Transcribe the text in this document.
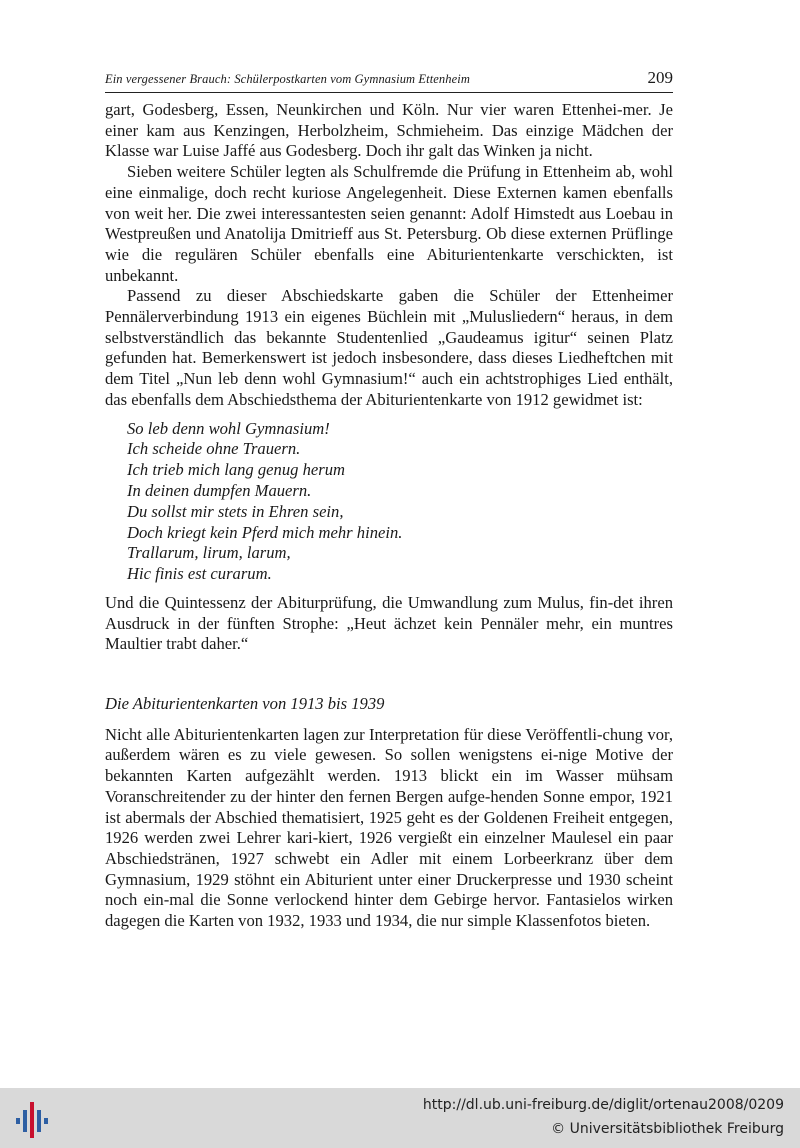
Ein vergessener Brauch: Schülerpostkarten vom Gymnasium Ettenheim	209

gart, Godesberg, Essen, Neunkirchen und Köln. Nur vier waren Ettenhei-mer. Je einer kam aus Kenzingen, Herbolzheim, Schmieheim. Das einzige Mädchen der Klasse war Luise Jaffé aus Godesberg. Doch ihr galt das Winken ja nicht.

Sieben weitere Schüler legten als Schulfremde die Prüfung in Ettenheim ab, wohl eine einmalige, doch recht kuriose Angelegenheit. Diese Externen kamen ebenfalls von weit her. Die zwei interessantesten seien genannt: Adolf Himstedt aus Loebau in Westpreußen und Anatolija Dmitrieff aus St. Petersburg. Ob diese externen Prüflinge wie die regulären Schüler ebenfalls eine Abiturientenkarte verschickten, ist unbekannt.

Passend zu dieser Abschiedskarte gaben die Schüler der Ettenheimer Pennälerverbindung 1913 ein eigenes Büchlein mit „Mulusliedern“ heraus, in dem selbstverständlich das bekannte Studentenlied „Gaudeamus igitur“ seinen Platz gefunden hat. Bemerkenswert ist jedoch insbesondere, dass dieses Liedheftchen mit dem Titel „Nun leb denn wohl Gymnasium!“ auch ein achtstrophiges Lied enthält, das ebenfalls dem Abschiedsthema der Abiturientenkarte von 1912 gewidmet ist:

So leb denn wohl Gymnasium!
Ich scheide ohne Trauern.
Ich trieb mich lang genug herum
In deinen dumpfen Mauern.
Du sollst mir stets in Ehren sein,
Doch kriegt kein Pferd mich mehr hinein.
Trallarum, lirum, larum,
Hic finis est curarum.

Und die Quintessenz der Abiturprüfung, die Umwandlung zum Mulus, fin-det ihren Ausdruck in der fünften Strophe: „Heut ächzet kein Pennäler mehr, ein muntres Maultier trabt daher.“

Die Abiturientenkarten von 1913 bis 1939

Nicht alle Abiturientenkarten lagen zur Interpretation für diese Veröffentli-chung vor, außerdem wären es zu viele gewesen. So sollen wenigstens ei-nige Motive der bekannten Karten aufgezählt werden. 1913 blickt ein im Wasser mühsam Voranschreitender zu der hinter den fernen Bergen aufge-henden Sonne empor, 1921 ist abermals der Abschied thematisiert, 1925 geht es der Goldenen Freiheit entgegen, 1926 werden zwei Lehrer kari-kiert, 1926 vergießt ein einzelner Maulesel ein paar Abschiedstränen, 1927 schwebt ein Adler mit einem Lorbeerkranz über dem Gymnasium, 1929 stöhnt ein Abiturient unter einer Druckerpresse und 1930 scheint noch ein-mal die Sonne verlockend hinter dem Gebirge hervor. Fantasielos wirken dagegen die Karten von 1932, 1933 und 1934, die nur simple Klassenfotos bieten.

http://dl.ub.uni-freiburg.de/diglit/ortenau2008/0209
© Universitätsbibliothek Freiburg
